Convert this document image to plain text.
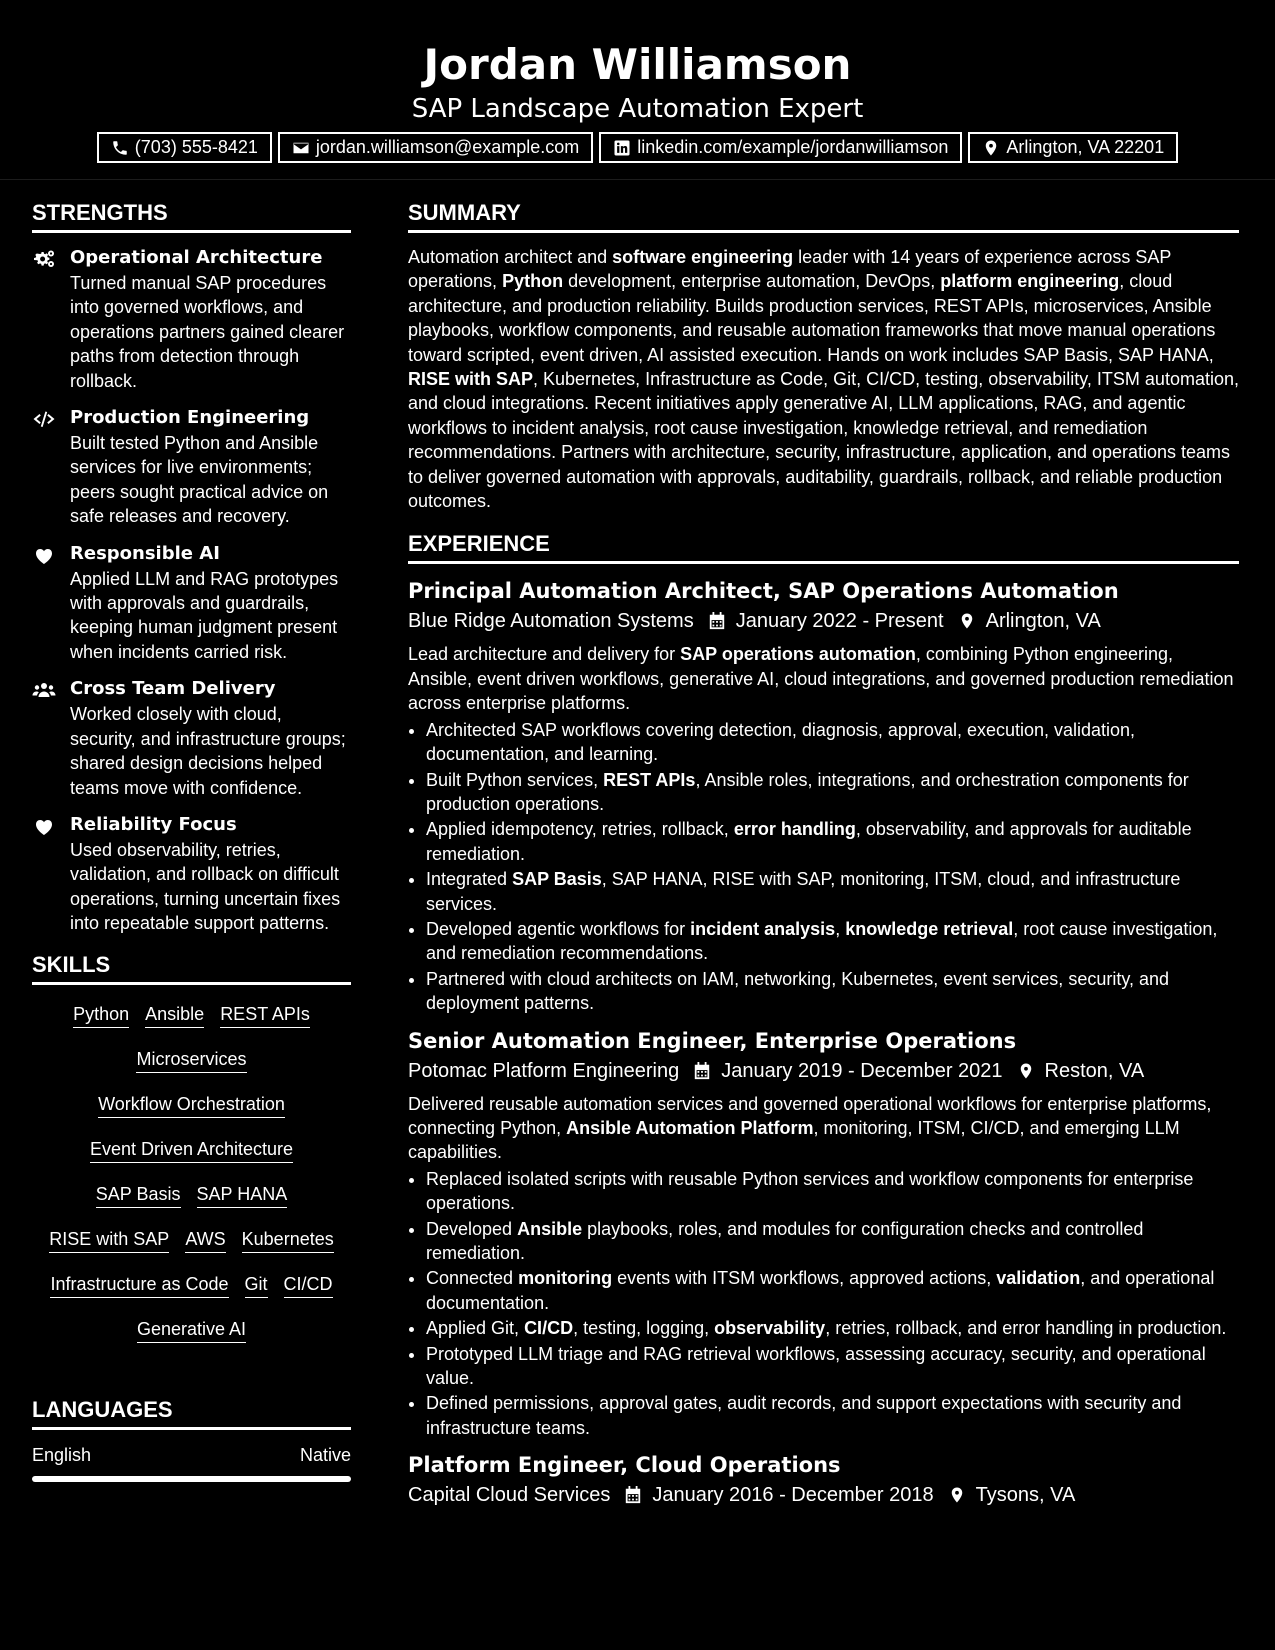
Jordan Williamson
SAP Landscape Automation Expert
(703) 555-8421	jordan.williamson@example.com	linkedin.com/example/jordanwilliamson	Arlington, VA 22201
STRENGTHS
Operational Architecture
Turned manual SAP procedures into governed workflows, and operations partners gained clearer paths from detection through rollback.
Production Engineering
Built tested Python and Ansible services for live environments; peers sought practical advice on safe releases and recovery.
Responsible AI
Applied LLM and RAG prototypes with approvals and guardrails, keeping human judgment present when incidents carried risk.
Cross Team Delivery
Worked closely with cloud, security, and infrastructure groups; shared design decisions helped teams move with confidence.
Reliability Focus
Used observability, retries, validation, and rollback on difficult operations, turning uncertain fixes into repeatable support patterns.
SKILLS
Python Ansible REST APIs
Microservices
Workflow Orchestration
Event Driven Architecture
SAP Basis SAP HANA
RISE with SAP AWS Kubernetes
Infrastructure as Code Git CI/CD
Generative AI
LANGUAGES
English	Native
SUMMARY
Automation architect and software engineering leader with 14 years of experience across SAP operations, Python development, enterprise automation, DevOps, platform engineering, cloud architecture, and production reliability. Builds production services, REST APIs, microservices, Ansible playbooks, workflow components, and reusable automation frameworks that move manual operations toward scripted, event driven, AI assisted execution. Hands on work includes SAP Basis, SAP HANA, RISE with SAP, Kubernetes, Infrastructure as Code, Git, CI/CD, testing, observability, ITSM automation, and cloud integrations. Recent initiatives apply generative AI, LLM applications, RAG, and agentic workflows to incident analysis, root cause investigation, knowledge retrieval, and remediation recommendations. Partners with architecture, security, infrastructure, application, and operations teams to deliver governed automation with approvals, auditability, guardrails, rollback, and reliable production outcomes.
EXPERIENCE
Principal Automation Architect, SAP Operations Automation
Blue Ridge Automation Systems January 2022 - Present Arlington, VA
Lead architecture and delivery for SAP operations automation, combining Python engineering, Ansible, event driven workflows, generative AI, cloud integrations, and governed production remediation across enterprise platforms.
• Architected SAP workflows covering detection, diagnosis, approval, execution, validation, documentation, and learning.
• Built Python services, REST APIs, Ansible roles, integrations, and orchestration components for production operations.
• Applied idempotency, retries, rollback, error handling, observability, and approvals for auditable remediation.
• Integrated SAP Basis, SAP HANA, RISE with SAP, monitoring, ITSM, cloud, and infrastructure services.
• Developed agentic workflows for incident analysis, knowledge retrieval, root cause investigation, and remediation recommendations.
• Partnered with cloud architects on IAM, networking, Kubernetes, event services, security, and deployment patterns.
Senior Automation Engineer, Enterprise Operations
Potomac Platform Engineering January 2019 - December 2021 Reston, VA
Delivered reusable automation services and governed operational workflows for enterprise platforms, connecting Python, Ansible Automation Platform, monitoring, ITSM, CI/CD, and emerging LLM capabilities.
• Replaced isolated scripts with reusable Python services and workflow components for enterprise operations.
• Developed Ansible playbooks, roles, and modules for configuration checks and controlled remediation.
• Connected monitoring events with ITSM workflows, approved actions, validation, and operational documentation.
• Applied Git, CI/CD, testing, logging, observability, retries, rollback, and error handling in production.
• Prototyped LLM triage and RAG retrieval workflows, assessing accuracy, security, and operational value.
• Defined permissions, approval gates, audit records, and support expectations with security and infrastructure teams.
Platform Engineer, Cloud Operations
Capital Cloud Services January 2016 - December 2018 Tysons, VA
